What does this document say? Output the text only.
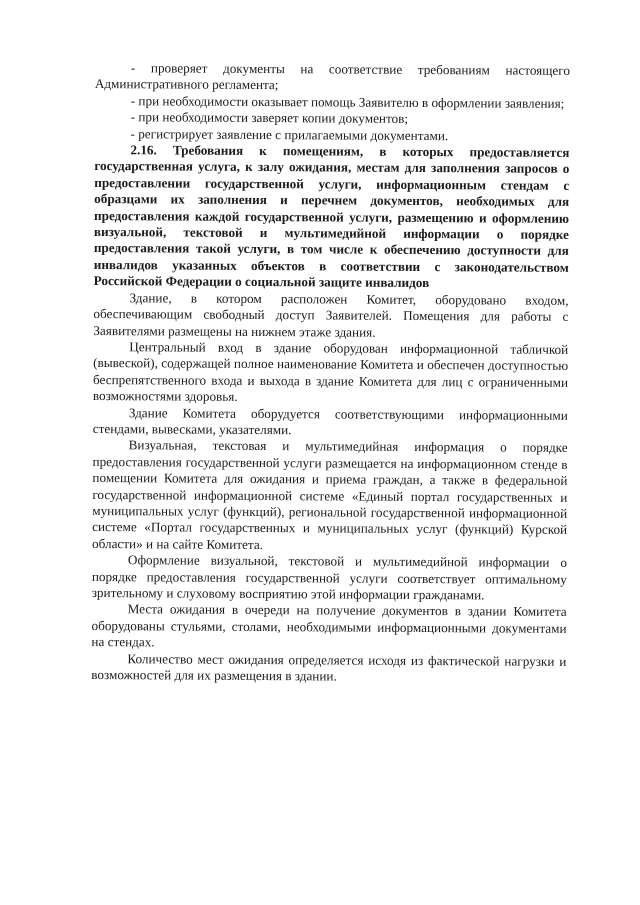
- проверяет документы на соответствие требованиям настоящего Административного регламента;

- при необходимости оказывает помощь Заявителю в оформлении заявления;

- при необходимости заверяет копии документов;

- регистрирует заявление с прилагаемыми документами.

2.16. Требования к помещениям, в которых предоставляется государственная услуга, к залу ожидания, местам для заполнения запросов о предоставлении государственной услуги, информационным стендам с образцами их заполнения и перечнем документов, необходимых для предоставления каждой государственной услуги, размещению и оформлению визуальной, текстовой и мультимедийной информации о порядке предоставления такой услуги, в том числе к обеспечению доступности для инвалидов указанных объектов в соответствии с законодательством Российской Федерации о социальной защите инвалидов

Здание, в котором расположен Комитет, оборудовано входом, обеспечивающим свободный доступ Заявителей. Помещения для работы с Заявителями размещены на нижнем этаже здания.

Центральный вход в здание оборудован информационной табличкой (вывеской), содержащей полное наименование Комитета и обеспечен доступностью беспрепятственного входа и выхода в здание Комитета для лиц с ограниченными возможностями здоровья.

Здание Комитета оборудуется соответствующими информационными стендами, вывесками, указателями.

Визуальная, текстовая и мультимедийная информация о порядке предоставления государственной услуги размещается на информационном стенде в помещении Комитета для ожидания и приема граждан, а также в федеральной государственной информационной системе «Единый портал государственных и муниципальных услуг (функций), региональной государственной информационной системе «Портал государственных и муниципальных услуг (функций) Курской области» и на сайте Комитета.

Оформление визуальной, текстовой и мультимедийной информации о порядке предоставления государственной услуги соответствует оптимальному зрительному и слуховому восприятию этой информации гражданами.

Места ожидания в очереди на получение документов в здании Комитета оборудованы стульями, столами, необходимыми информационными документами на стендах.

Количество мест ожидания определяется исходя из фактической нагрузки и возможностей для их размещения в здании.
